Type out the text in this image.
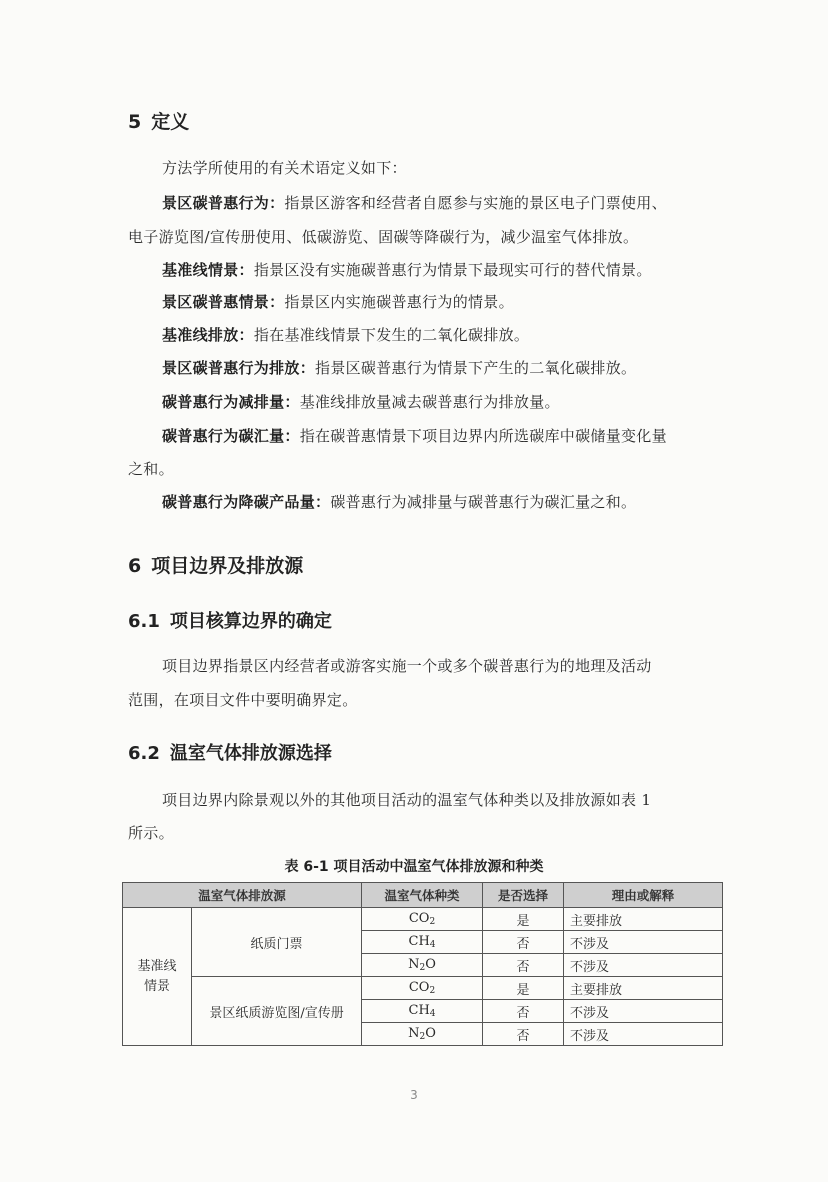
5 定义
方法学所使用的有关术语定义如下：
景区碳普惠行为：指景区游客和经营者自愿参与实施的景区电子门票使用、
电子游览图/宣传册使用、低碳游览、固碳等降碳行为，减少温室气体排放。
基准线情景：指景区没有实施碳普惠行为情景下最现实可行的替代情景。
景区碳普惠情景：指景区内实施碳普惠行为的情景。
基准线排放：指在基准线情景下发生的二氧化碳排放。
景区碳普惠行为排放：指景区碳普惠行为情景下产生的二氧化碳排放。
碳普惠行为减排量：基准线排放量减去碳普惠行为排放量。
碳普惠行为碳汇量：指在碳普惠情景下项目边界内所选碳库中碳储量变化量
之和。
碳普惠行为降碳产品量：碳普惠行为减排量与碳普惠行为碳汇量之和。
6 项目边界及排放源
6.1 项目核算边界的确定
项目边界指景区内经营者或游客实施一个或多个碳普惠行为的地理及活动
范围，在项目文件中要明确界定。
6.2 温室气体排放源选择
项目边界内除景观以外的其他项目活动的温室气体种类以及排放源如表 1
所示。
表 6-1 项目活动中温室气体排放源和种类
温室气体排放源		温室气体种类	是否选择	理由或解释
基准线情景	纸质门票	CO2	是	主要排放
		CH4	否	不涉及
		N2O	否	不涉及
	景区纸质游览图/宣传册	CO2	是	主要排放
		CH4	否	不涉及
		N2O	否	不涉及
3
